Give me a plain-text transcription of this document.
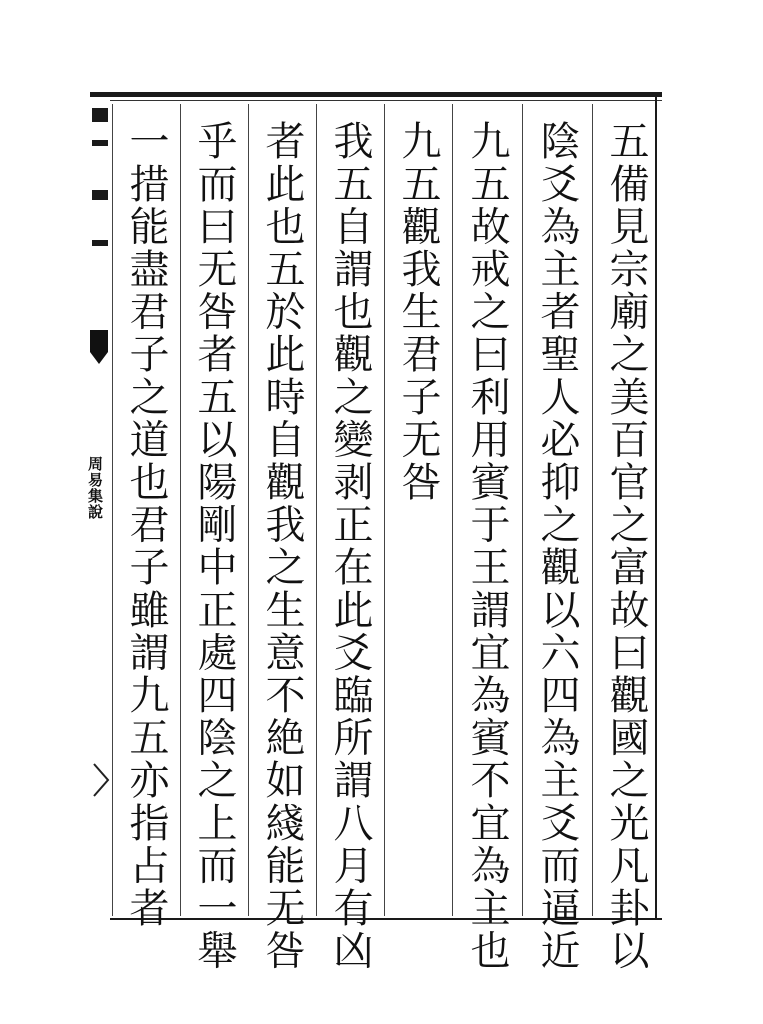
五備見宗廟之美百官之富故曰觀國之光凡卦以
陰爻為主者聖人必抑之觀以六四為主爻而逼近
九五故戒之曰利用賓于王謂宜為賓不宜為主也
九五觀我生君子无咎
我五自謂也觀之變剥正在此爻臨所謂八月有凶
者此也五於此時自觀我之生意不絶如綫能无咎
乎而曰无咎者五以陽剛中正處四陰之上而一舉
一措能盡君子之道也君子雖謂九五亦指占者
周易集說
